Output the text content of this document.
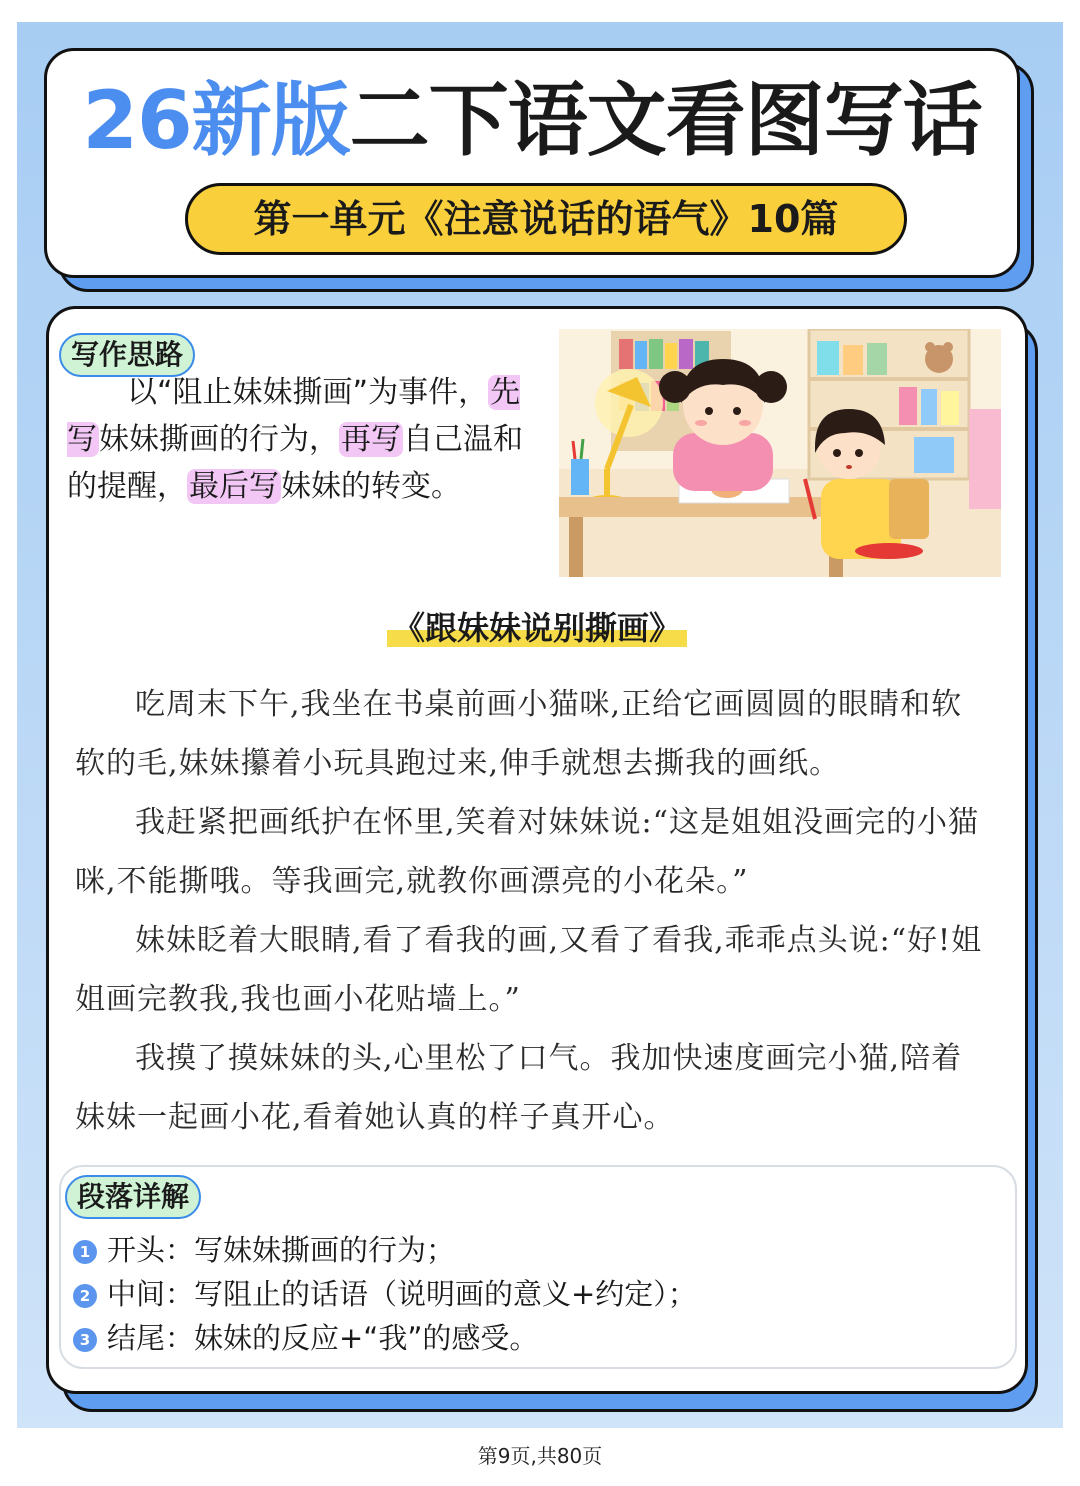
26新版二下语文看图写话
第一单元《注意说话的语气》10篇
写作思路
以“阻止妹妹撕画”为事件，先写妹妹撕画的行为，再写自己温和的提醒，最后写妹妹的转变。
《跟妹妹说别撕画》

吃周末下午,我坐在书桌前画小猫咪,正给它画圆圆的眼睛和软软的毛,妹妹攥着小玩具跑过来,伸手就想去撕我的画纸。

我赶紧把画纸护在怀里,笑着对妹妹说:“这是姐姐没画完的小猫咪,不能撕哦。等我画完,就教你画漂亮的小花朵。”

妹妹眨着大眼睛,看了看我的画,又看了看我,乖乖点头说:“好!姐姐画完教我,我也画小花贴墙上。”

我摸了摸妹妹的头,心里松了口气。我加快速度画完小猫,陪着妹妹一起画小花,看着她认真的样子真开心。

段落详解
1 开头：写妹妹撕画的行为；
2 中间：写阻止的话语（说明画的意义+约定）；
3 结尾：妹妹的反应+“我”的感受。
第9页,共80页
